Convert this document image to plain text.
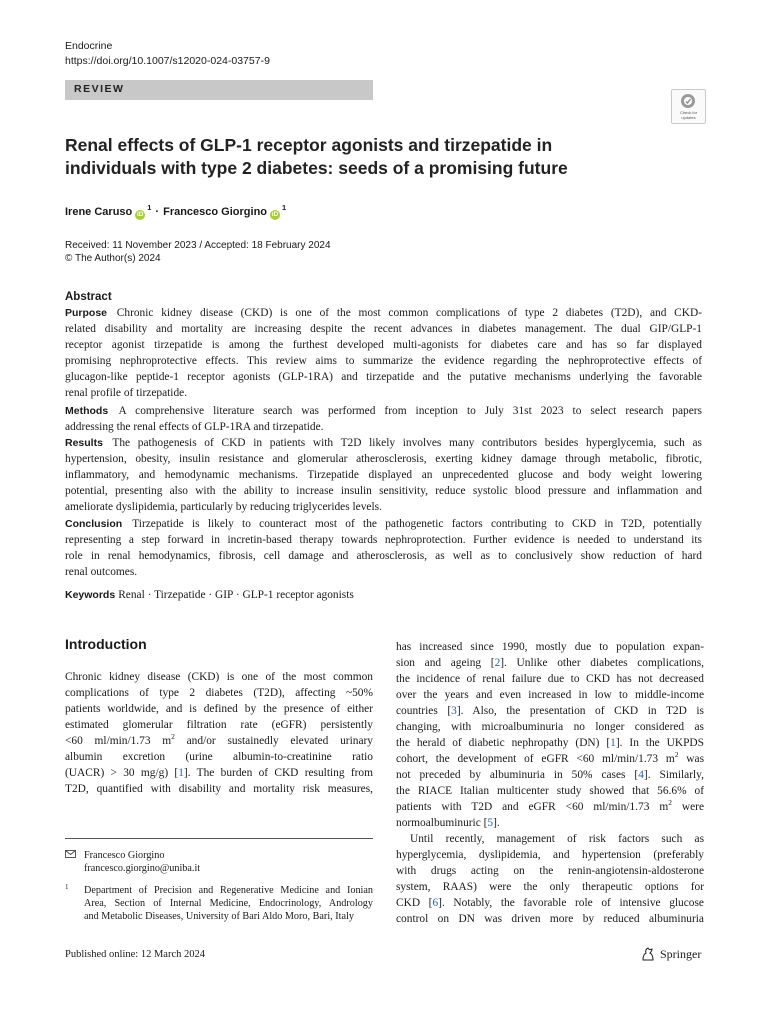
Endocrine
https://doi.org/10.1007/s12020-024-03757-9
REVIEW
Check for
updates
Renal effects of GLP-1 receptor agonists and tirzepatide in
individuals with type 2 diabetes: seeds of a promising future
Irene Caruso iD$^1$ · Francesco Giorgino iD$^1$
Received: 11 November 2023 / Accepted: 18 February 2024
© The Author(s) 2024
Abstract
Purpose Chronic kidney disease (CKD) is one of the most common complications of type 2 diabetes (T2D), and CKD-
related disability and mortality are increasing despite the recent advances in diabetes management. The dual GIP/GLP-1
receptor agonist tirzepatide is among the furthest developed multi-agonists for diabetes care and has so far displayed
promising nephroprotective effects. This review aims to summarize the evidence regarding the nephroprotective effects of
glucagon-like peptide-1 receptor agonists (GLP-1RA) and tirzepatide and the putative mechanisms underlying the favorable
renal profile of tirzepatide.
Methods A comprehensive literature search was performed from inception to July 31st 2023 to select research papers
addressing the renal effects of GLP-1RA and tirzepatide.
Results The pathogenesis of CKD in patients with T2D likely involves many contributors besides hyperglycemia, such as
hypertension, obesity, insulin resistance and glomerular atherosclerosis, exerting kidney damage through metabolic, fibrotic,
inflammatory, and hemodynamic mechanisms. Tirzepatide displayed an unprecedented glucose and body weight lowering
potential, presenting also with the ability to increase insulin sensitivity, reduce systolic blood pressure and inflammation and
ameliorate dyslipidemia, particularly by reducing triglycerides levels.
Conclusion Tirzepatide is likely to counteract most of the pathogenetic factors contributing to CKD in T2D, potentially
representing a step forward in incretin-based therapy towards nephroprotection. Further evidence is needed to understand its
role in renal hemodynamics, fibrosis, cell damage and atherosclerosis, as well as to conclusively show reduction of hard
renal outcomes.
Keywords Renal · Tirzepatide · GIP · GLP-1 receptor agonists
Introduction
Chronic kidney disease (CKD) is one of the most common
complications of type 2 diabetes (T2D), affecting ~50%
patients worldwide, and is defined by the presence of either
estimated glomerular filtration rate (eGFR) persistently
<60 ml/min/1.73 $m^2$ and/or sustainedly elevated urinary
albumin excretion (urine albumin-to-creatinine ratio
(UACR) > 30 mg/g) [1]. The burden of CKD resulting from
T2D, quantified with disability and mortality risk measures,
has increased since 1990, mostly due to population expan-
sion and ageing [2]. Unlike other diabetes complications,
the incidence of renal failure due to CKD has not decreased
over the years and even increased in low to middle-income
countries [3]. Also, the presentation of CKD in T2D is
changing, with microalbuminuria no longer considered as
the herald of diabetic nephropathy (DN) [1]. In the UKPDS
cohort, the development of eGFR <60 ml/min/1.73 $m^2$ was
not preceded by albuminuria in 50% cases [4]. Similarly,
the RIACE Italian multicenter study showed that 56.6% of
patients with T2D and eGFR <60 ml/min/1.73 $m^2$ were
normoalbuminuric [5].
Until recently, management of risk factors such as
hyperglycemia, dyslipidemia, and hypertension (preferably
with drugs acting on the renin-angiotensin-aldosterone
system, RAAS) were the only therapeutic options for
CKD [6]. Notably, the favorable role of intensive glucose
control on DN was driven more by reduced albuminuria
Francesco Giorgino
francesco.giorgino@uniba.it
1 Department of Precision and Regenerative Medicine and Ionian
Area, Section of Internal Medicine, Endocrinology, Andrology
and Metabolic Diseases, University of Bari Aldo Moro, Bari, Italy
Published online: 12 March 2024	Springer
